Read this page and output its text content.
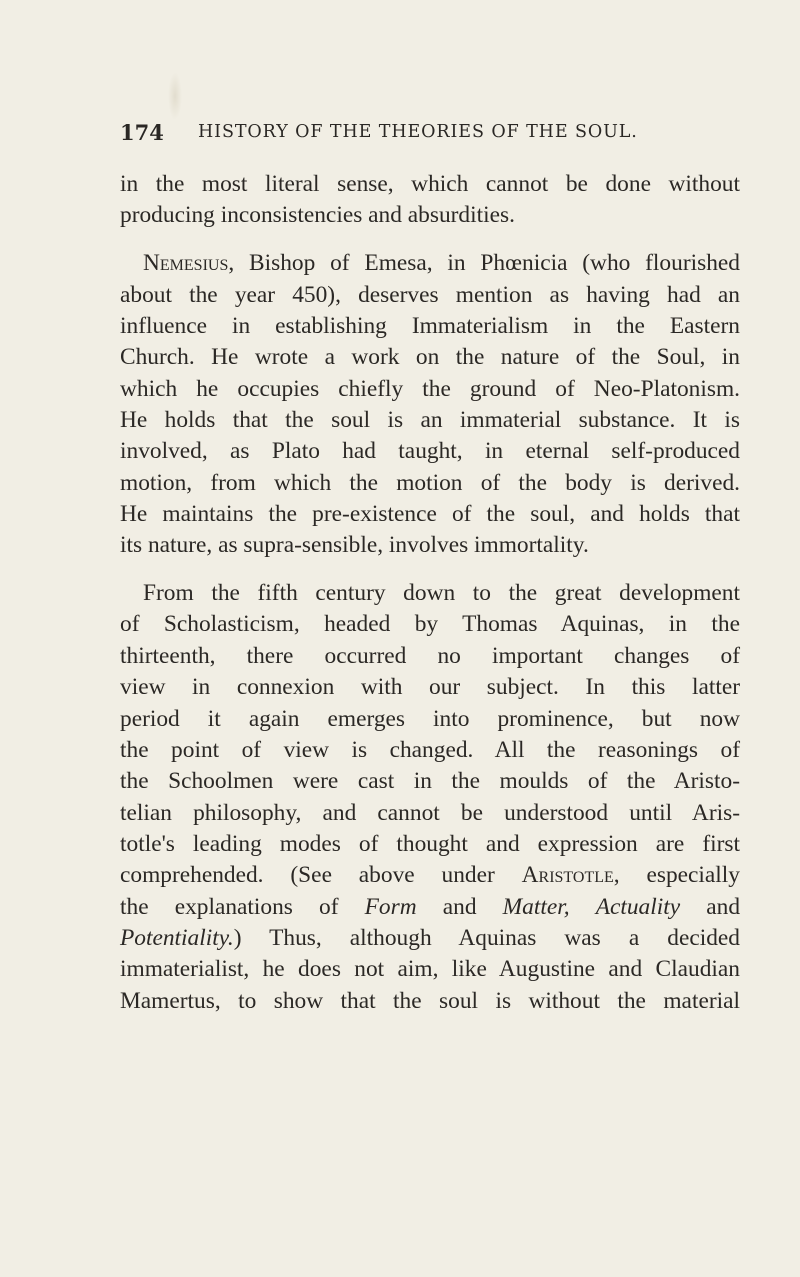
174 HISTORY OF THE THEORIES OF THE SOUL.
in the most literal sense, which cannot be done without
producing inconsistencies and absurdities.
Nemesius, Bishop of Emesa, in Phœnicia (who flourished
about the year 450), deserves mention as having had an
influence in establishing Immaterialism in the Eastern
Church. He wrote a work on the nature of the Soul, in
which he occupies chiefly the ground of Neo-Platonism.
He holds that the soul is an immaterial substance. It is
involved, as Plato had taught, in eternal self-produced
motion, from which the motion of the body is derived.
He maintains the pre-existence of the soul, and holds that
its nature, as supra-sensible, involves immortality.
From the fifth century down to the great development
of Scholasticism, headed by Thomas Aquinas, in the
thirteenth, there occurred no important changes of
view in connexion with our subject. In this latter
period it again emerges into prominence, but now
the point of view is changed. All the reasonings of
the Schoolmen were cast in the moulds of the Aristo-
telian philosophy, and cannot be understood until Aris-
totle's leading modes of thought and expression are first
comprehended. (See above under Aristotle, especially
the explanations of Form and Matter, Actuality and
Potentiality.) Thus, although Aquinas was a decided
immaterialist, he does not aim, like Augustine and Claudian
Mamertus, to show that the soul is without the material
